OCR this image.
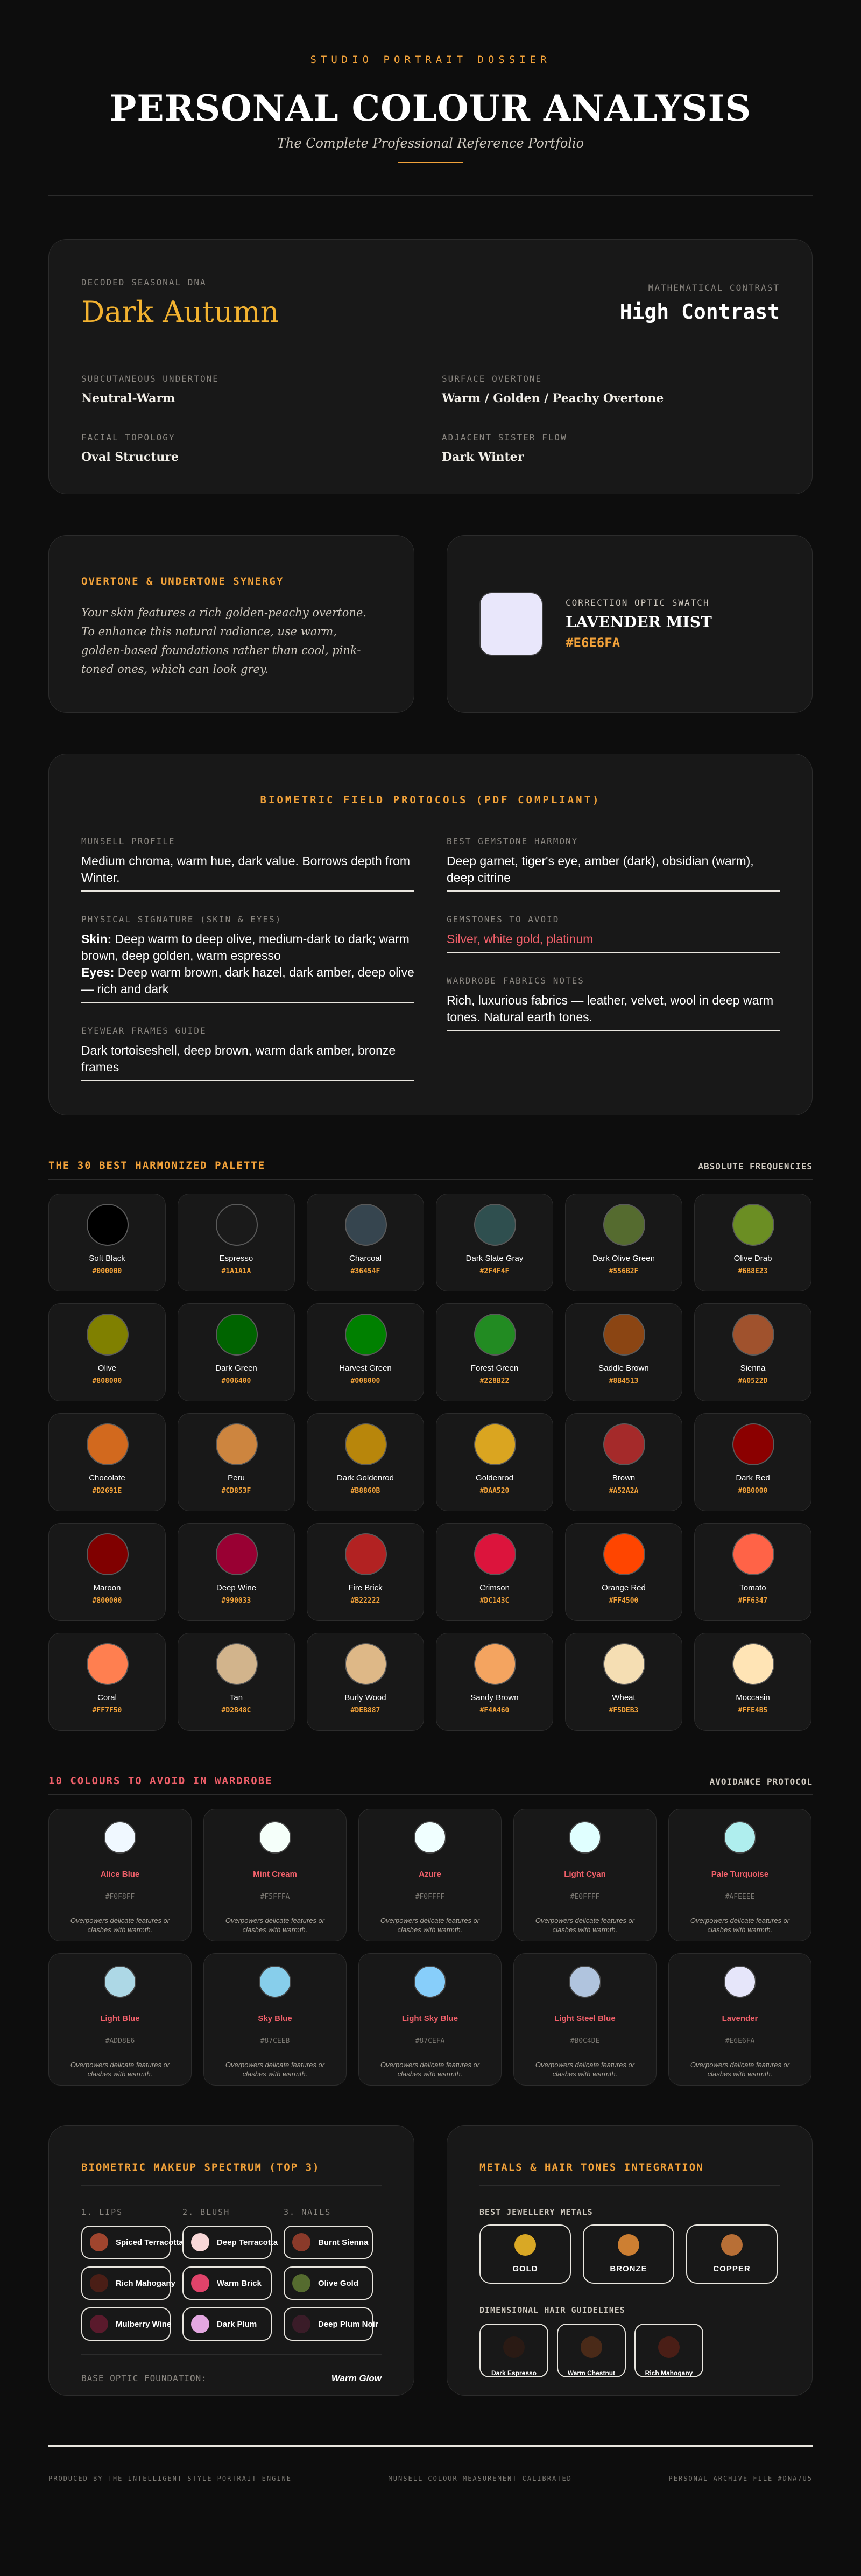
STUDIO PORTRAIT DOSSIER
PERSONAL COLOUR ANALYSIS
The Complete Professional Reference Portfolio
DECODED SEASONAL DNA
Dark Autumn
MATHEMATICAL CONTRAST
High Contrast
SUBCUTANEOUS UNDERTONE
Neutral-Warm
SURFACE OVERTONE
Warm / Golden / Peachy Overtone
FACIAL TOPOLOGY
Oval Structure
ADJACENT SISTER FLOW
Dark Winter
OVERTONE & UNDERTONE SYNERGY
Your skin features a rich golden-peachy overtone. To enhance this natural radiance, use warm, golden-based foundations rather than cool, pink-toned ones, which can look grey.
CORRECTION OPTIC SWATCH
LAVENDER MIST
#E6E6FA
BIOMETRIC FIELD PROTOCOLS (PDF COMPLIANT)
MUNSELL PROFILE
Medium chroma, warm hue, dark value. Borrows depth from Winter.
PHYSICAL SIGNATURE (SKIN & EYES)

Skin: Deep warm to deep olive, medium-dark to dark; warm brown, deep golden, warm espresso

Eyes: Deep warm brown, dark hazel, dark amber, deep olive — rich and dark

EYEWEAR FRAMES GUIDE
Dark tortoiseshell, deep brown, warm dark amber, bronze frames
BEST GEMSTONE HARMONY
Deep garnet, tiger's eye, amber (dark), obsidian (warm), deep citrine
GEMSTONES TO AVOID
Silver, white gold, platinum
WARDROBE FABRICS NOTES
Rich, luxurious fabrics — leather, velvet, wool in deep warm tones. Natural earth tones.
THE 30 BEST HARMONIZED PALETTE	ABSOLUTE FREQUENCIES
Soft Black
#000000
Espresso
#1A1A1A
Charcoal
#36454F
Dark Slate Gray
#2F4F4F
Dark Olive Green
#556B2F
Olive Drab
#6B8E23
Olive
#808000
Dark Green
#006400
Harvest Green
#008000
Forest Green
#228B22
Saddle Brown
#8B4513
Sienna
#A0522D
Chocolate
#D2691E
Peru
#CD853F
Dark Goldenrod
#B8860B
Goldenrod
#DAA520
Brown
#A52A2A
Dark Red
#8B0000
Maroon
#800000
Deep Wine
#990033
Fire Brick
#B22222
Crimson
#DC143C
Orange Red
#FF4500
Tomato
#FF6347
Coral
#FF7F50
Tan
#D2B48C
Burly Wood
#DEB887
Sandy Brown
#F4A460
Wheat
#F5DEB3
Moccasin
#FFE4B5
10 COLOURS TO AVOID IN WARDROBE	AVOIDANCE PROTOCOL
Alice Blue
#F0F8FF
Overpowers delicate features or clashes with warmth.
Mint Cream
#F5FFFA
Overpowers delicate features or clashes with warmth.
Azure
#F0FFFF
Overpowers delicate features or clashes with warmth.
Light Cyan
#E0FFFF
Overpowers delicate features or clashes with warmth.
Pale Turquoise
#AFEEEE
Overpowers delicate features or clashes with warmth.
Light Blue
#ADD8E6
Overpowers delicate features or clashes with warmth.
Sky Blue
#87CEEB
Overpowers delicate features or clashes with warmth.
Light Sky Blue
#87CEFA
Overpowers delicate features or clashes with warmth.
Light Steel Blue
#B0C4DE
Overpowers delicate features or clashes with warmth.
Lavender
#E6E6FA
Overpowers delicate features or clashes with warmth.
BIOMETRIC MAKEUP SPECTRUM (TOP 3)
1. LIPS
Spiced Terracotta
Rich Mahogany
Mulberry Wine
2. BLUSH
Deep Terracotta
Warm Brick
Dark Plum
3. NAILS
Burnt Sienna
Olive Gold
Deep Plum Noir
BASE OPTIC FOUNDATION:	Warm Glow
METALS & HAIR TONES INTEGRATION
BEST JEWELLERY METALS
GOLD	BRONZE	COPPER
DIMENSIONAL HAIR GUIDELINES
Dark Espresso	Warm Chestnut	Rich Mahogany
PRODUCED BY THE INTELLIGENT STYLE PORTRAIT ENGINE	MUNSELL COLOUR MEASUREMENT CALIBRATED	PERSONAL ARCHIVE FILE #DNA7U5
